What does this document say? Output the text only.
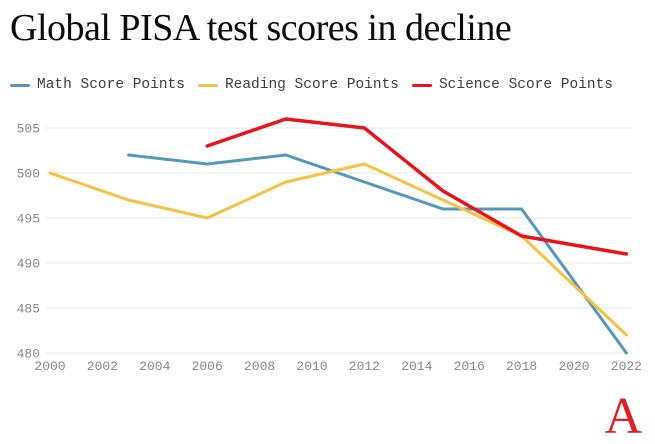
Global PISA test scores in decline
Math Score Points	Reading Score Points	Science Score Points
505
500
495
490
485
480
2000 2002 2004 2006 2008 2010 2012 2014 2016 2018 2020 2022
A
